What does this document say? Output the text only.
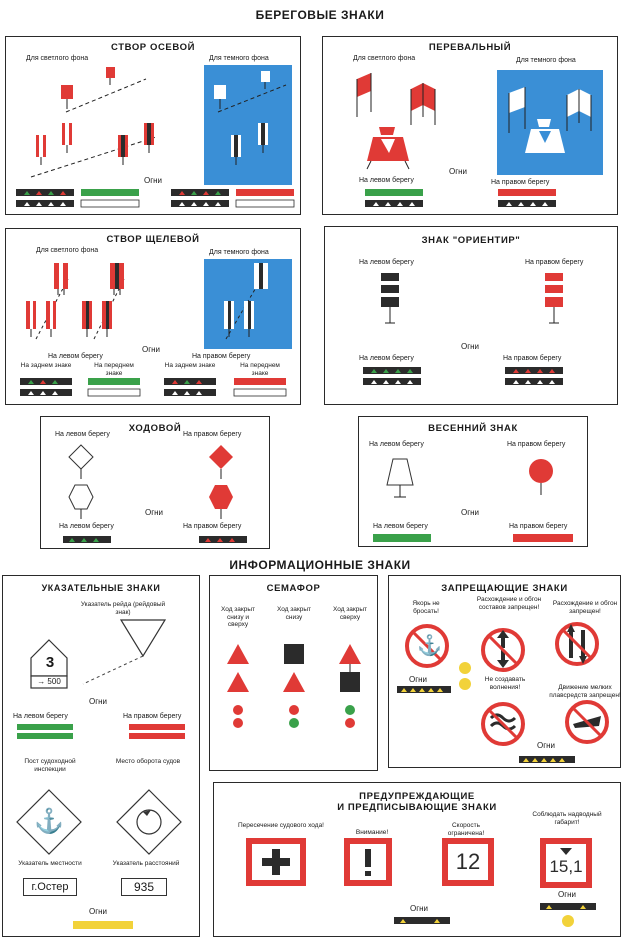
БЕРЕГОВЫЕ ЗНАКИ
ИНФОРМАЦИОННЫЕ ЗНАКИ
СТВОР ОСЕВОЙ
Для светлого фона	Для темного фона
Огни
ПЕРЕВАЛЬНЫЙ
Для светлого фона	Для темного фона
На левом берегу	На правом берегу
Огни
СТВОР ЩЕЛЕВОЙ
Для светлого фона	Для темного фона
На левом берегу	На правом берегу
Огни
На заднем знаке	На переднем знаке
На заднем знаке	На переднем знаке
ЗНАК "ОРИЕНТИР"
На левом берегу	На правом берегу
Огни
На левом берегу	На правом берегу
ХОДОВОЙ
На левом берегу	На правом берегу
Огни
На левом берегу	На правом берегу
ВЕСЕННИЙ ЗНАК
На левом берегу	На правом берегу
Огни
На левом берегу	На правом берегу
УКАЗАТЕЛЬНЫЕ ЗНАКИ
Указатель рейда (рейдовый знак)
3
→ 500
Огни
На левом берегу	На правом берегу
Пост судоходной инспекции
Место оборота судов
⚓
Указатель местности	Указатель расстояний
г.Остер	935
Огни
СЕМАФОР
Ход закрыт снизу и сверху
Ход закрыт снизу
Ход закрыт сверху
ЗАПРЕЩАЮЩИЕ ЗНАКИ
Якорь не бросать!
Расхождение и обгон составов запрещен!	Расхождение и обгон запрещен!
⚓
Не создавать волнения!	Движение мелких плавсредств запрещен!
Огни
Огни
ПРЕДУПРЕЖДАЮЩИЕ
И ПРЕДПИСЫВАЮЩИЕ ЗНАКИ
Пересечение судового хода!
Внимание!
Скорость ограничена!
Соблюдать надводный габарит!
12	15,1
Огни
Огни
